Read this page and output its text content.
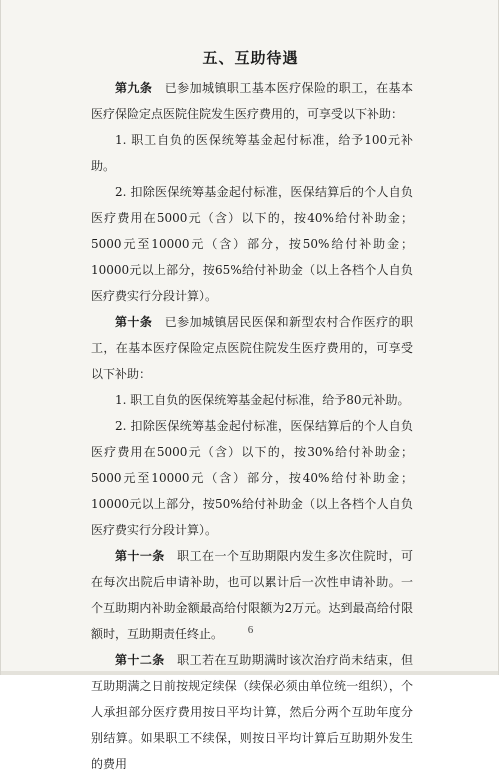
五、互助待遇

第九条　 已参加城镇职工基本医疗保险的职工，在基本医疗保险定点医院住院发生医疗费用的，可享受以下补助：

1. 职工自负的医保统筹基金起付标准，给予100元补助。

2. 扣除医保统筹基金起付标准，医保结算后的个人自负医疗费用在5000元（含）以下的，按40%给付补助金；5000元至10000元（含）部分，按50%给付补助金；10000元以上部分，按65%给付补助金（以上各档个人自负医疗费实行分段计算）。

第十条　 已参加城镇居民医保和新型农村合作医疗的职工，在基本医疗保险定点医院住院发生医疗费用的，可享受以下补助：

1. 职工自负的医保统筹基金起付标准，给予80元补助。

2. 扣除医保统筹基金起付标准，医保结算后的个人自负医疗费用在5000元（含）以下的，按30%给付补助金；5000元至10000元（含）部分，按40%给付补助金；10000元以上部分，按50%给付补助金（以上各档个人自负医疗费实行分段计算）。

第十一条　 职工在一个互助期限内发生多次住院时，可在每次出院后申请补助，也可以累计后一次性申请补助。一个互助期内补助金额最高给付限额为2万元。达到最高给付限额时，互助期责任终止。

第十二条　 职工若在互助期满时该次治疗尚未结束，但互助期满之日前按规定续保（续保必须由单位统一组织），个人承担部分医疗费用按日平均计算，然后分两个互助年度分别结算。如果职工不续保，则按日平均计算后互助期外发生的费用

6
